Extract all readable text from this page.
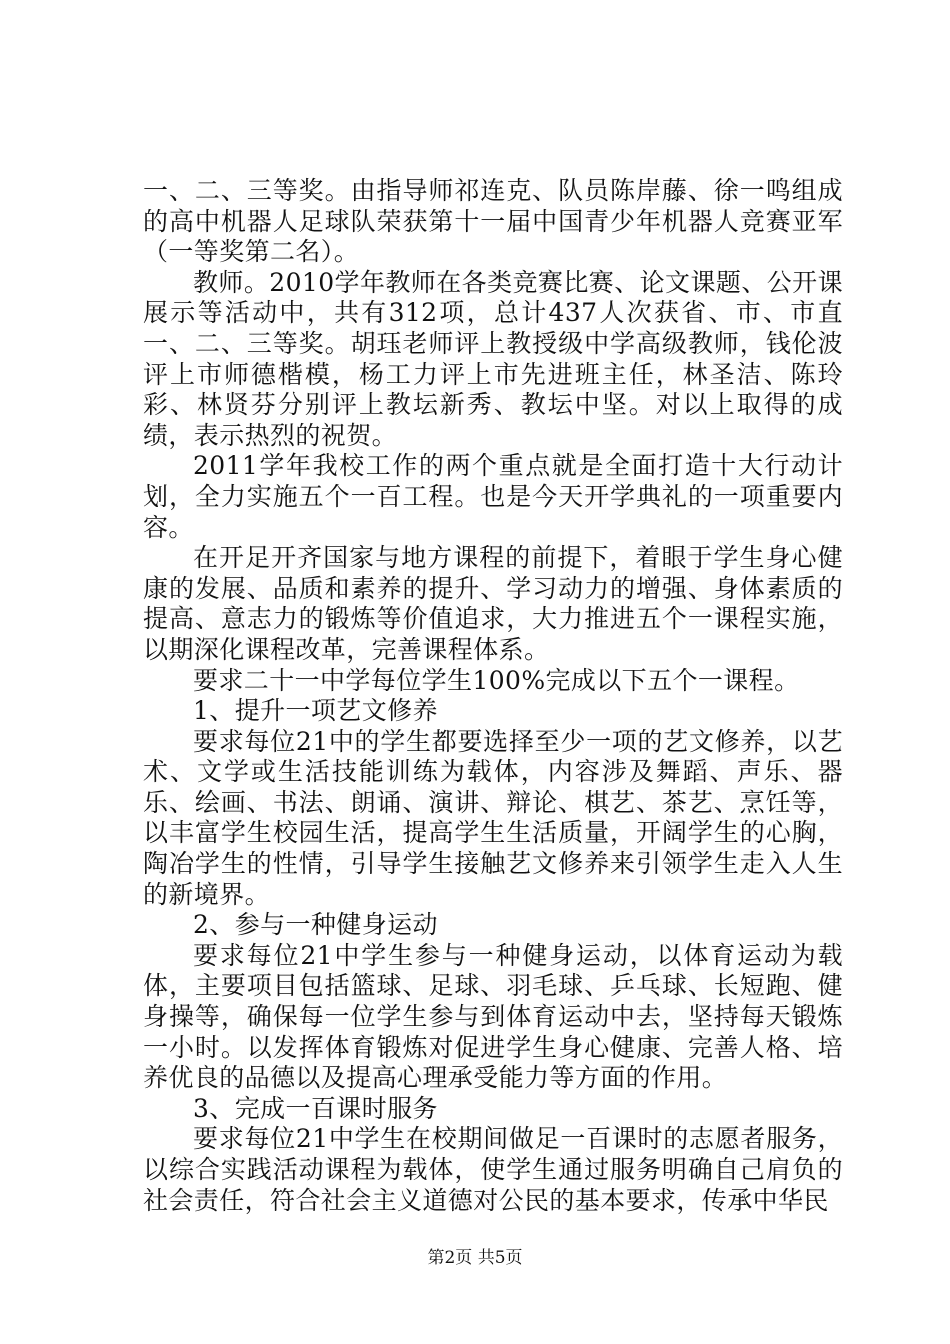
一、二、三等奖。由指导师祁连克、队员陈岸藤、徐一鸣组成的高中机器人足球队荣获第十一届中国青少年机器人竞赛亚军（一等奖第二名）。

教师。2010学年教师在各类竞赛比赛、论文课题、公开课展示等活动中，共有312项，总计437人次获省、市、市直一、二、三等奖。胡珏老师评上教授级中学高级教师，钱伦波评上市师德楷模，杨工力评上市先进班主任，林圣洁、陈玲彩、林贤芬分别评上教坛新秀、教坛中坚。对以上取得的成绩，表示热烈的祝贺。

2011学年我校工作的两个重点就是全面打造十大行动计划，全力实施五个一百工程。也是今天开学典礼的一项重要内容。

在开足开齐国家与地方课程的前提下，着眼于学生身心健康的发展、品质和素养的提升、学习动力的增强、身体素质的提高、意志力的锻炼等价值追求，大力推进五个一课程实施，以期深化课程改革，完善课程体系。

要求二十一中学每位学生100%完成以下五个一课程。

1、提升一项艺文修养

要求每位21中的学生都要选择至少一项的艺文修养，以艺术、文学或生活技能训练为载体，内容涉及舞蹈、声乐、器乐、绘画、书法、朗诵、演讲、辩论、棋艺、茶艺、烹饪等，以丰富学生校园生活，提高学生生活质量，开阔学生的心胸，陶冶学生的性情，引导学生接触艺文修养来引领学生走入人生的新境界。

2、参与一种健身运动

要求每位21中学生参与一种健身运动，以体育运动为载体，主要项目包括篮球、足球、羽毛球、乒乓球、长短跑、健身操等，确保每一位学生参与到体育运动中去，坚持每天锻炼一小时。以发挥体育锻炼对促进学生身心健康、完善人格、培养优良的品德以及提高心理承受能力等方面的作用。

3、完成一百课时服务

要求每位21中学生在校期间做足一百课时的志愿者服务，以综合实践活动课程为载体，使学生通过服务明确自己肩负的社会责任，符合社会主义道德对公民的基本要求，传承中华民

第2页 共5页
